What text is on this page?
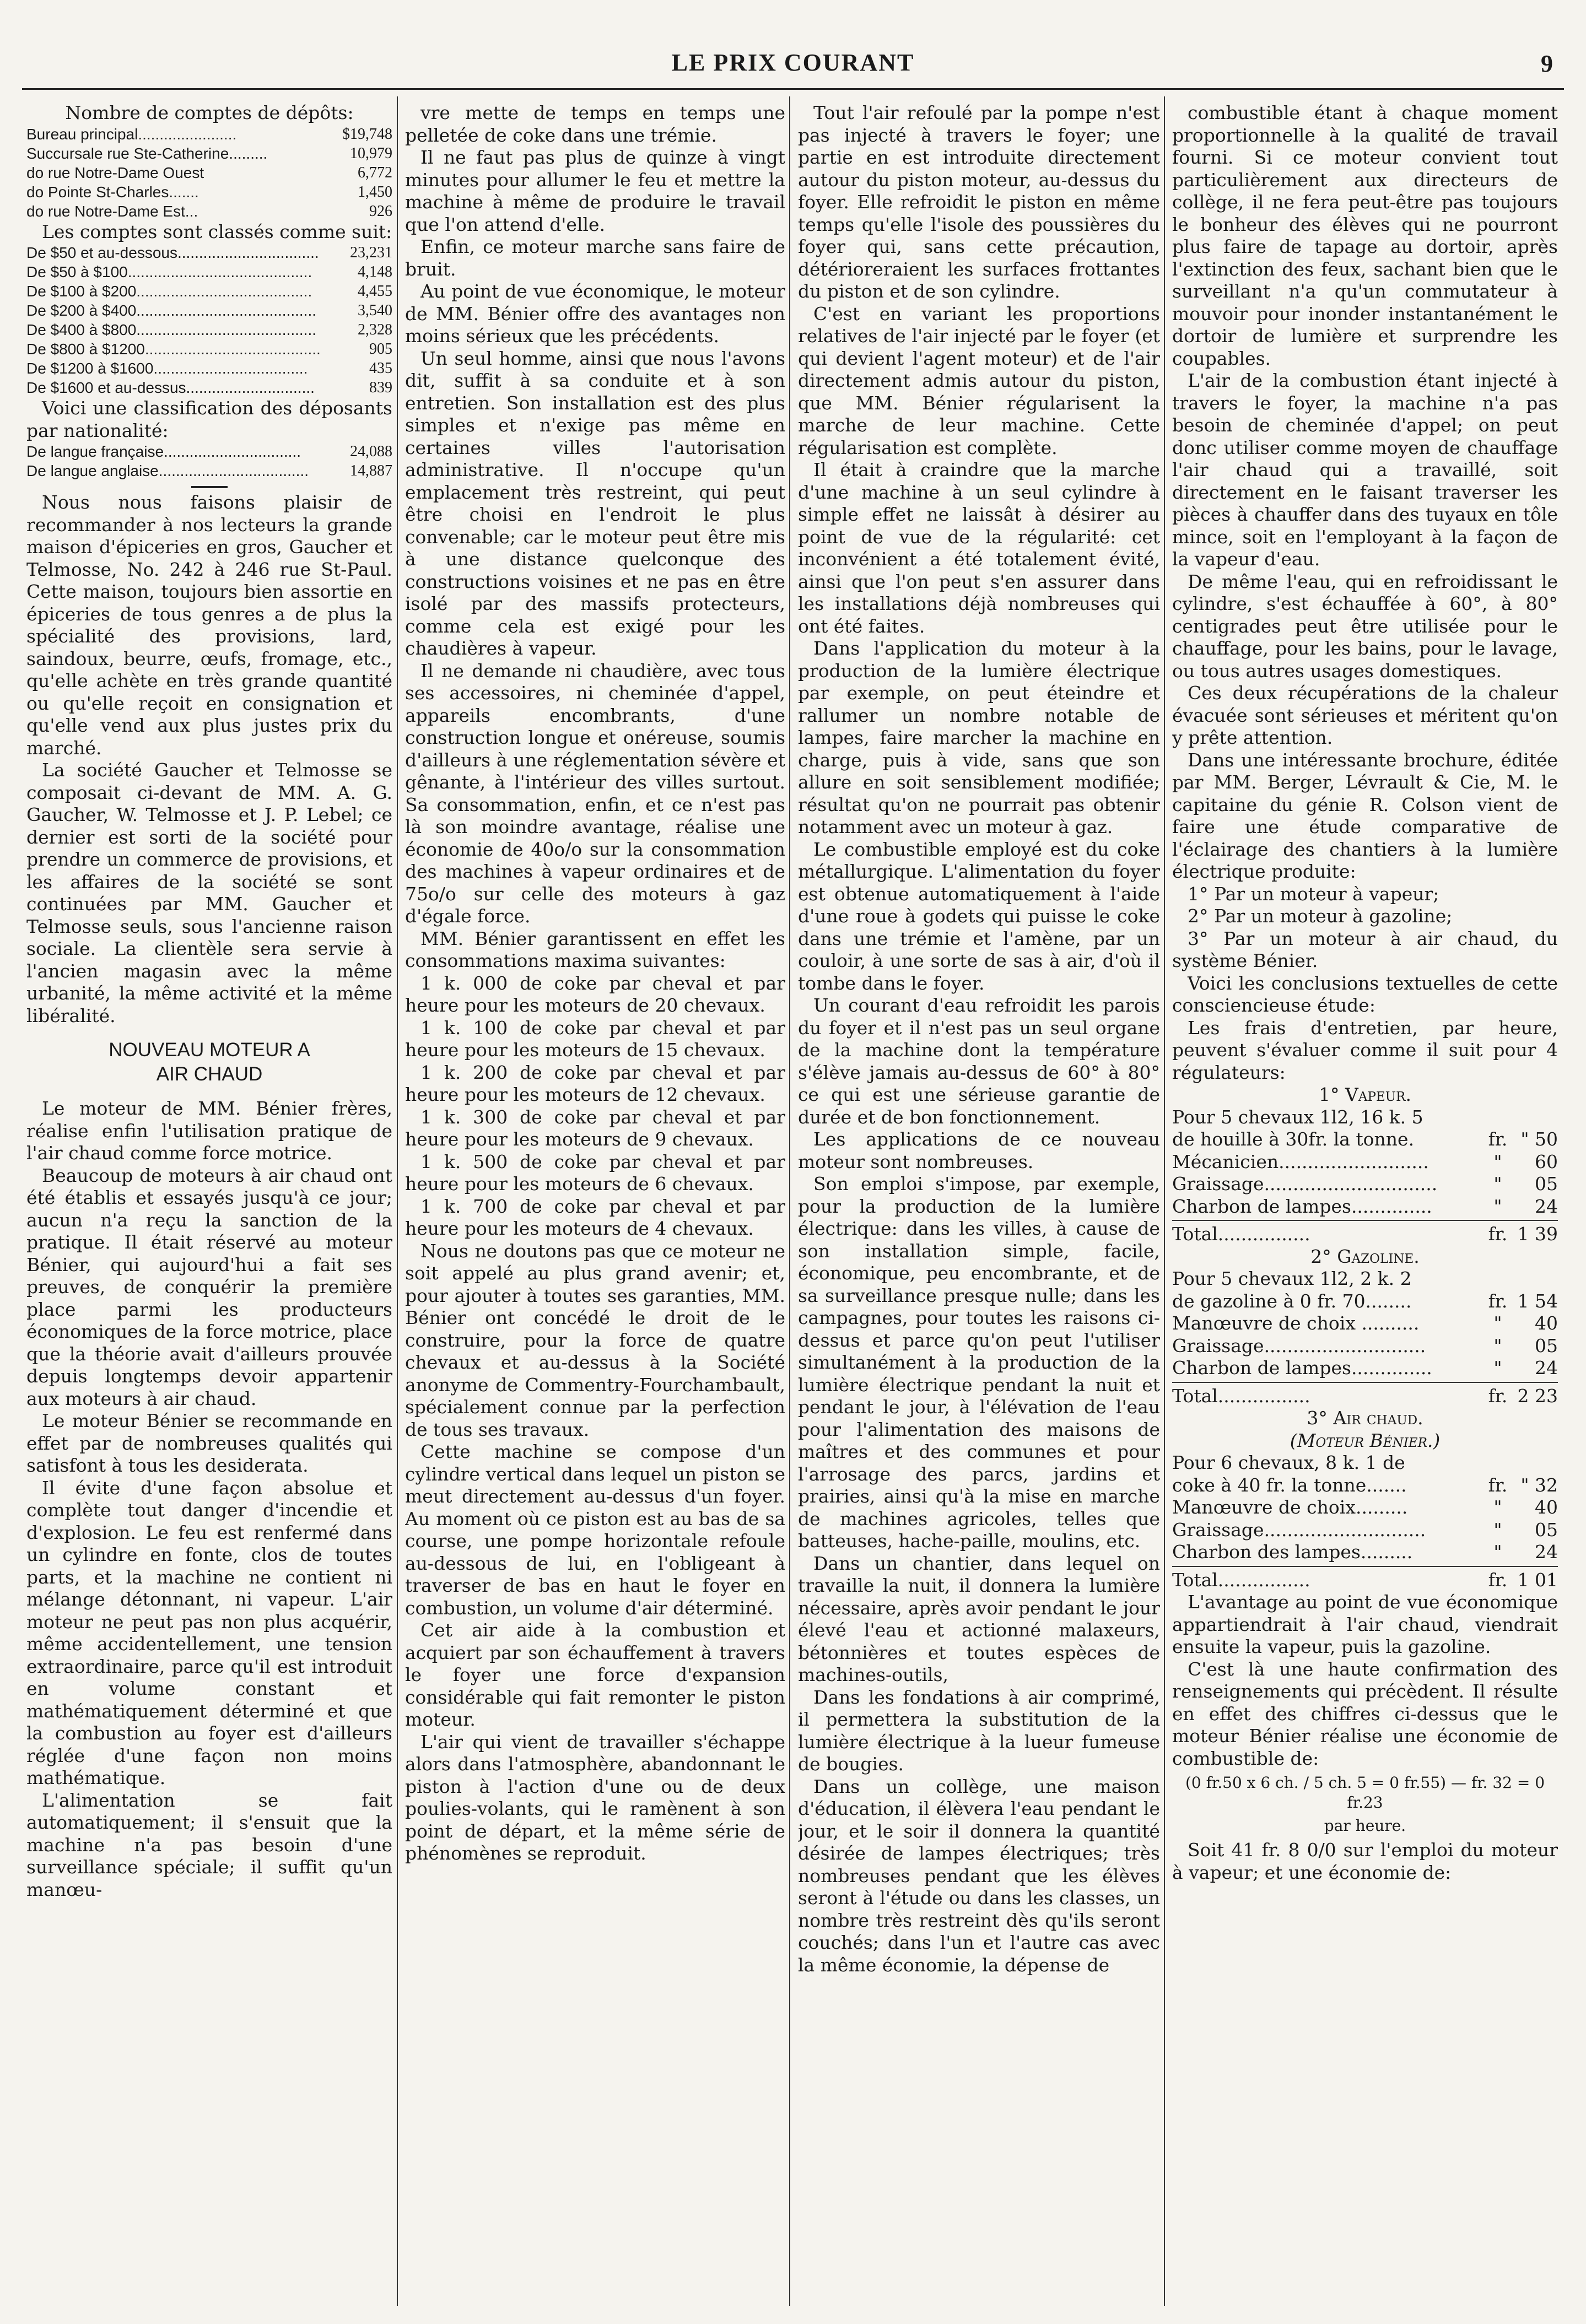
LE PRIX COURANT	9
Nombre de comptes de dépôts:
Bureau principal.......................	$19,748
Succursale rue Ste-Catherine.........	10,979
do rue Notre-Dame Ouest	6,772
do Pointe St-Charles.......	1,450
do rue Notre-Dame Est...	926

Les comptes sont classés comme suit:

De $50 et au-dessous................................. 23,231
De $50 à $100...........................................	4,148
De $100 à $200.........................................	4,455
De $200 à $400..........................................	3,540
De $400 à $800..........................................	2,328
De $800 à $1200.........................................	905
De $1200 à $1600....................................	435
De $1600 et au-dessus..............................	839

Voici une classification des déposants par nationalité:

De langue française................................	24,088
De langue anglaise...................................	14,887

Nous nous faisons plaisir de recommander à nos lecteurs la grande maison d'épiceries en gros, Gaucher et Telmosse, No. 242 à 246 rue St-Paul. Cette maison, toujours bien assortie en épiceries de tous genres a de plus la spécialité des provisions, lard, saindoux, beurre, œufs, fromage, etc., qu'elle achète en très grande quantité ou qu'elle reçoit en consignation et qu'elle vend aux plus justes prix du marché.

La société Gaucher et Telmosse se composait ci-devant de MM. A. G. Gaucher, W. Telmosse et J. P. Lebel; ce dernier est sorti de la société pour prendre un commerce de provisions, et les affaires de la société se sont continuées par MM. Gaucher et Telmosse seuls, sous l'ancienne raison sociale. La clientèle sera servie à l'ancien magasin avec la même urbanité, la même activité et la même libéralité.

NOUVEAU MOTEUR A
AIR CHAUD

Le moteur de MM. Bénier frères, réalise enfin l'utilisation pratique de l'air chaud comme force motrice.

Beaucoup de moteurs à air chaud ont été établis et essayés jusqu'à ce jour; aucun n'a reçu la sanction de la pratique. Il était réservé au moteur Bénier, qui aujourd'hui a fait ses preuves, de conquérir la première place parmi les producteurs économiques de la force motrice, place que la théorie avait d'ailleurs prouvée depuis longtemps devoir appartenir aux moteurs à air chaud.

Le moteur Bénier se recommande en effet par de nombreuses qualités qui satisfont à tous les desiderata.

Il évite d'une façon absolue et complète tout danger d'incendie et d'explosion. Le feu est renfermé dans un cylindre en fonte, clos de toutes parts, et la machine ne contient ni mélange détonnant, ni vapeur. L'air moteur ne peut pas non plus acquérir, même accidentellement, une tension extraordinaire, parce qu'il est introduit en volume constant et mathématiquement déterminé et que la combustion au foyer est d'ailleurs réglée d'une façon non moins mathématique.

L'alimentation se fait automatiquement; il s'ensuit que la machine n'a pas besoin d'une surveillance spéciale; il suffit qu'un manœu-

vre mette de temps en temps une pelletée de coke dans une trémie.

Il ne faut pas plus de quinze à vingt minutes pour allumer le feu et mettre la machine à même de produire le travail que l'on attend d'elle.

Enfin, ce moteur marche sans faire de bruit.

Au point de vue économique, le moteur de MM. Bénier offre des avantages non moins sérieux que les précédents.

Un seul homme, ainsi que nous l'avons dit, suffit à sa conduite et à son entretien. Son installation est des plus simples et n'exige pas même en certaines villes l'autorisation administrative. Il n'occupe qu'un emplacement très restreint, qui peut être choisi en l'endroit le plus convenable; car le moteur peut être mis à une distance quelconque des constructions voisines et ne pas en être isolé par des massifs protecteurs, comme cela est exigé pour les chaudières à vapeur.

Il ne demande ni chaudière, avec tous ses accessoires, ni cheminée d'appel, appareils encombrants, d'une construction longue et onéreuse, soumis d'ailleurs à une réglementation sévère et gênante, à l'intérieur des villes surtout. Sa consommation, enfin, et ce n'est pas là son moindre avantage, réalise une économie de 40o/o sur la consommation des machines à vapeur ordinaires et de 75o/o sur celle des moteurs à gaz d'égale force.

MM. Bénier garantissent en effet les consommations maxima suivantes:

1 k. 000 de coke par cheval et par heure pour les moteurs de 20 chevaux.

1 k. 100 de coke par cheval et par heure pour les moteurs de 15 chevaux.

1 k. 200 de coke par cheval et par heure pour les moteurs de 12 chevaux.

1 k. 300 de coke par cheval et par heure pour les moteurs de 9 chevaux.

1 k. 500 de coke par cheval et par heure pour les moteurs de 6 chevaux.

1 k. 700 de coke par cheval et par heure pour les moteurs de 4 chevaux.

Nous ne doutons pas que ce moteur ne soit appelé au plus grand avenir; et, pour ajouter à toutes ses garanties, MM. Bénier ont concédé le droit de le construire, pour la force de quatre chevaux et au-dessus à la Société anonyme de Commentry-Fourchambault, spécialement connue par la perfection de tous ses travaux.

Cette machine se compose d'un cylindre vertical dans lequel un piston se meut directement au-dessus d'un foyer. Au moment où ce piston est au bas de sa course, une pompe horizontale refoule au-dessous de lui, en l'obligeant à traverser de bas en haut le foyer en combustion, un volume d'air déterminé.

Cet air aide à la combustion et acquiert par son échauffement à travers le foyer une force d'expansion considérable qui fait remonter le piston moteur.

L'air qui vient de travailler s'échappe alors dans l'atmosphère, abandonnant le piston à l'action d'une ou de deux poulies-volants, qui le ramènent à son point de départ, et la même série de phénomènes se reproduit.

Tout l'air refoulé par la pompe n'est pas injecté à travers le foyer; une partie en est introduite directement autour du piston moteur, au-dessus du foyer. Elle refroidit le piston en même temps qu'elle l'isole des poussières du foyer qui, sans cette précaution, détérioreraient les surfaces frottantes du piston et de son cylindre.

C'est en variant les proportions relatives de l'air injecté par le foyer (et qui devient l'agent moteur) et de l'air directement admis autour du piston, que MM. Bénier régularisent la marche de leur machine. Cette régularisation est complète.

Il était à craindre que la marche d'une machine à un seul cylindre à simple effet ne laissât à désirer au point de vue de la régularité: cet inconvénient a été totalement évité, ainsi que l'on peut s'en assurer dans les installations déjà nombreuses qui ont été faites.

Dans l'application du moteur à la production de la lumière électrique par exemple, on peut éteindre et rallumer un nombre notable de lampes, faire marcher la machine en charge, puis à vide, sans que son allure en soit sensiblement modifiée; résultat qu'on ne pourrait pas obtenir notamment avec un moteur à gaz.

Le combustible employé est du coke métallurgique. L'alimentation du foyer est obtenue automatiquement à l'aide d'une roue à godets qui puisse le coke dans une trémie et l'amène, par un couloir, à une sorte de sas à air, d'où il tombe dans le foyer.

Un courant d'eau refroidit les parois du foyer et il n'est pas un seul organe de la machine dont la température s'élève jamais au-dessus de 60° à 80° ce qui est une sérieuse garantie de durée et de bon fonctionnement.

Les applications de ce nouveau moteur sont nombreuses.

Son emploi s'impose, par exemple, pour la production de la lumière électrique: dans les villes, à cause de son installation simple, facile, économique, peu encombrante, et de sa surveillance presque nulle; dans les campagnes, pour toutes les raisons ci-dessus et parce qu'on peut l'utiliser simultanément à la production de la lumière électrique pendant la nuit et pendant le jour, à l'élévation de l'eau pour l'alimentation des maisons de maîtres et des communes et pour l'arrosage des parcs, jardins et prairies, ainsi qu'à la mise en marche de machines agricoles, telles que batteuses, hache-paille, moulins, etc.

Dans un chantier, dans lequel on travaille la nuit, il donnera la lumière nécessaire, après avoir pendant le jour élevé l'eau et actionné malaxeurs, bétonnières et toutes espèces de machines-outils,

Dans les fondations à air comprimé, il permettera la substitution de la lumière électrique à la lueur fumeuse de bougies.

Dans un collège, une maison d'éducation, il élèvera l'eau pendant le jour, et le soir il donnera la quantité désirée de lampes électriques; très nombreuses pendant que les élèves seront à l'étude ou dans les classes, un nombre très restreint dès qu'ils seront couchés; dans l'un et l'autre cas avec la même économie, la dépense de

combustible étant à chaque moment proportionnelle à la qualité de travail fourni. Si ce moteur convient tout particulièrement aux directeurs de collège, il ne fera peut-être pas toujours le bonheur des élèves qui ne pourront plus faire de tapage au dortoir, après l'extinction des feux, sachant bien que le surveillant n'a qu'un commutateur à mouvoir pour inonder instantanément le dortoir de lumière et surprendre les coupables.

L'air de la combustion étant injecté à travers le foyer, la machine n'a pas besoin de cheminée d'appel; on peut donc utiliser comme moyen de chauffage l'air chaud qui a travaillé, soit directement en le faisant traverser les pièces à chauffer dans des tuyaux en tôle mince, soit en l'employant à la façon de la vapeur d'eau.

De même l'eau, qui en refroidissant le cylindre, s'est échauffée à 60°, à 80° centigrades peut être utilisée pour le chauffage, pour les bains, pour le lavage, ou tous autres usages domestiques.

Ces deux récupérations de la chaleur évacuée sont sérieuses et méritent qu'on y prête attention.

Dans une intéressante brochure, éditée par MM. Berger, Lévrault & Cie, M. le capitaine du génie R. Colson vient de faire une étude comparative de l'éclairage des chantiers à la lumière électrique produite:

1° Par un moteur à vapeur;

2° Par un moteur à gazoline;

3° Par un moteur à air chaud, du système Bénier.

Voici les conclusions textuelles de cette consciencieuse étude:

Les frais d'entretien, par heure, peuvent s'évaluer comme il suit pour 4 régulateurs:

1° Vapeur.
Pour 5 chevaux 1l2, 16 k. 5
de houille à 30fr. la tonne.	fr. " 50
Mécanicien..........................	"	60
Graissage..............................	"	05
Charbon de lampes..............	"	24
Total................	fr. 1 39
2° Gazoline.
Pour 5 chevaux 1l2, 2 k. 2
de gazoline à 0 fr. 70........	fr. 1 54
Manœuvre de choix ..........	"	40
Graissage............................	"	05
Charbon de lampes..............	"	24
Total................	fr. 2 23
3° Air chaud.
(Moteur Bénier.)
Pour 6 chevaux, 8 k. 1 de
coke à 40 fr. la tonne.......	fr. " 32
Manœuvre de choix.........	"	40
Graissage............................	"	05
Charbon des lampes.........	"	24
Total................	fr. 1 01

L'avantage au point de vue économique appartiendrait à l'air chaud, viendrait ensuite la vapeur, puis la gazoline.

C'est là une haute confirmation des renseignements qui précèdent. Il résulte en effet des chiffres ci-dessus que le moteur Bénier réalise une économie de combustible de:

(0 fr.50 x 6 ch. / 5 ch. 5 = 0 fr.55) — fr. 32 = 0 fr.23
par heure.

Soit 41 fr. 8 0/0 sur l'emploi du moteur à vapeur; et une économie de:
